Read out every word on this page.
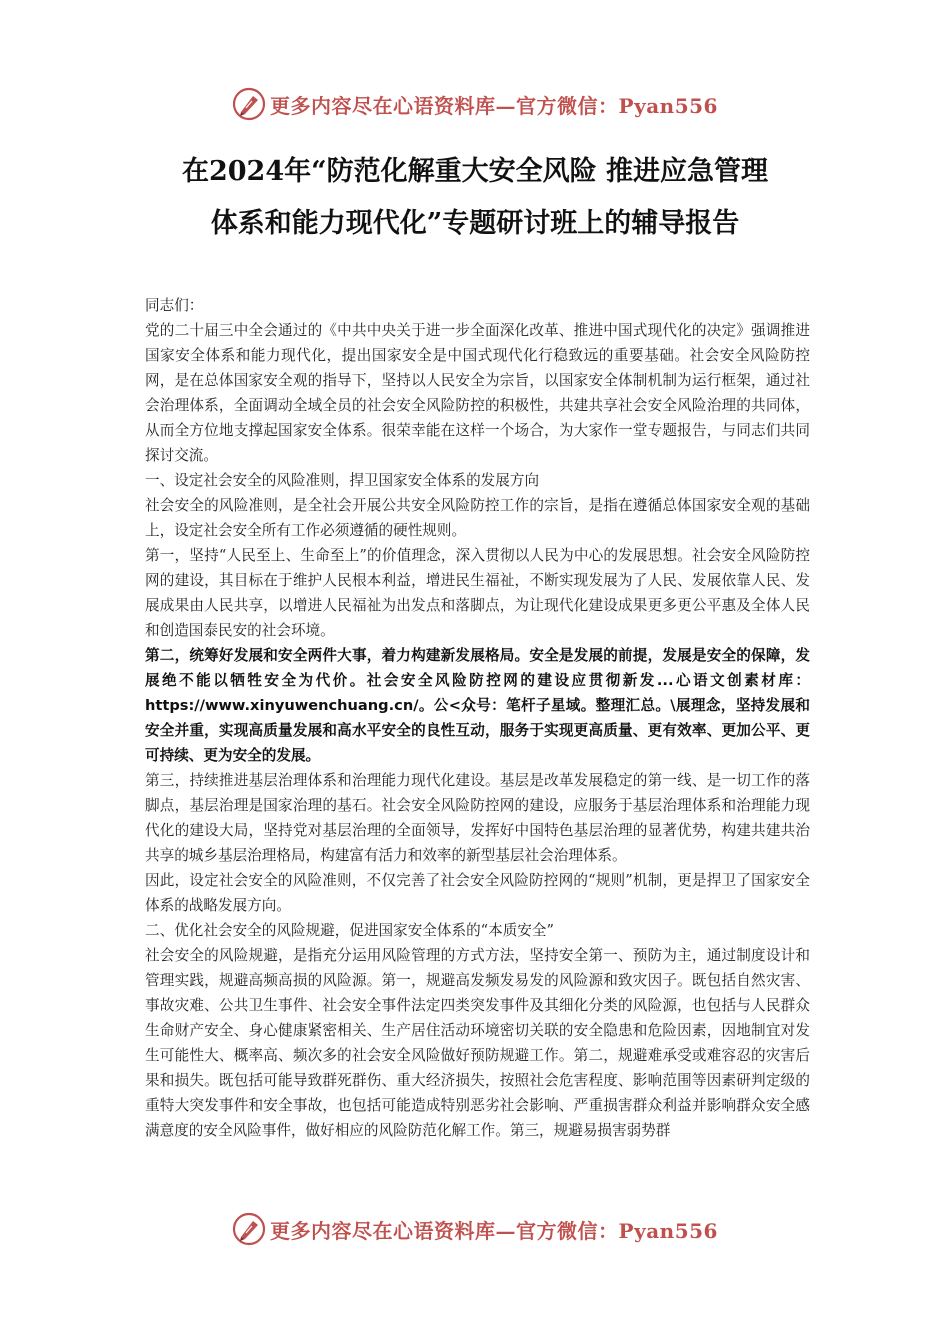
更多内容尽在心语资料库—官方微信：Pyan556
在2024年“防范化解重大安全风险 推进应急管理
体系和能力现代化”专题研讨班上的辅导报告

同志们：

党的二十届三中全会通过的《中共中央关于进一步全面深化改革、推进中国式现代化的决定》强调推进国家安全体系和能力现代化，提出国家安全是中国式现代化行稳致远的重要基础。社会安全风险防控网，是在总体国家安全观的指导下，坚持以人民安全为宗旨，以国家安全体制机制为运行框架，通过社会治理体系，全面调动全域全员的社会安全风险防控的积极性，共建共享社会安全风险治理的共同体，从而全方位地支撑起国家安全体系。很荣幸能在这样一个场合，为大家作一堂专题报告，与同志们共同探讨交流。

一、设定社会安全的风险准则，捍卫国家安全体系的发展方向

社会安全的风险准则，是全社会开展公共安全风险防控工作的宗旨，是指在遵循总体国家安全观的基础上，设定社会安全所有工作必须遵循的硬性规则。

第一，坚持“人民至上、生命至上”的价值理念，深入贯彻以人民为中心的发展思想。社会安全风险防控网的建设，其目标在于维护人民根本利益，增进民生福祉，不断实现发展为了人民、发展依靠人民、发展成果由人民共享，以增进人民福祉为出发点和落脚点，为让现代化建设成果更多更公平惠及全体人民和创造国泰民安的社会环境。

第二，统筹好发展和安全两件大事，着力构建新发展格局。安全是发展的前提，发展是安全的保障，发展绝不能以牺牲安全为代价。社会安全风险防控网的建设应贯彻新发...心语文创素材库：https://www.xinyuwenchuang.cn/。公<众号：笔杆子星域。整理汇总。\展理念，坚持发展和安全并重，实现高质量发展和高水平安全的良性互动，服务于实现更高质量、更有效率、更加公平、更可持续、更为安全的发展。

第三，持续推进基层治理体系和治理能力现代化建设。基层是改革发展稳定的第一线、是一切工作的落脚点，基层治理是国家治理的基石。社会安全风险防控网的建设，应服务于基层治理体系和治理能力现代化的建设大局，坚持党对基层治理的全面领导，发挥好中国特色基层治理的显著优势，构建共建共治共享的城乡基层治理格局，构建富有活力和效率的新型基层社会治理体系。

因此，设定社会安全的风险准则，不仅完善了社会安全风险防控网的“规则”机制，更是捍卫了国家安全体系的战略发展方向。

二、优化社会安全的风险规避，促进国家安全体系的“本质安全”

社会安全的风险规避，是指充分运用风险管理的方式方法，坚持安全第一、预防为主，通过制度设计和管理实践，规避高频高损的风险源。第一，规避高发频发易发的风险源和致灾因子。既包括自然灾害、事故灾难、公共卫生事件、社会安全事件法定四类突发事件及其细化分类的风险源，也包括与人民群众生命财产安全、身心健康紧密相关、生产居住活动环境密切关联的安全隐患和危险因素，因地制宜对发生可能性大、概率高、频次多的社会安全风险做好预防规避工作。第二，规避难承受或难容忍的灾害后果和损失。既包括可能导致群死群伤、重大经济损失，按照社会危害程度、影响范围等因素研判定级的重特大突发事件和安全事故，也包括可能造成特别恶劣社会影响、严重损害群众利益并影响群众安全感满意度的安全风险事件，做好相应的风险防范化解工作。第三，规避易损害弱势群

更多内容尽在心语资料库—官方微信：Pyan556
